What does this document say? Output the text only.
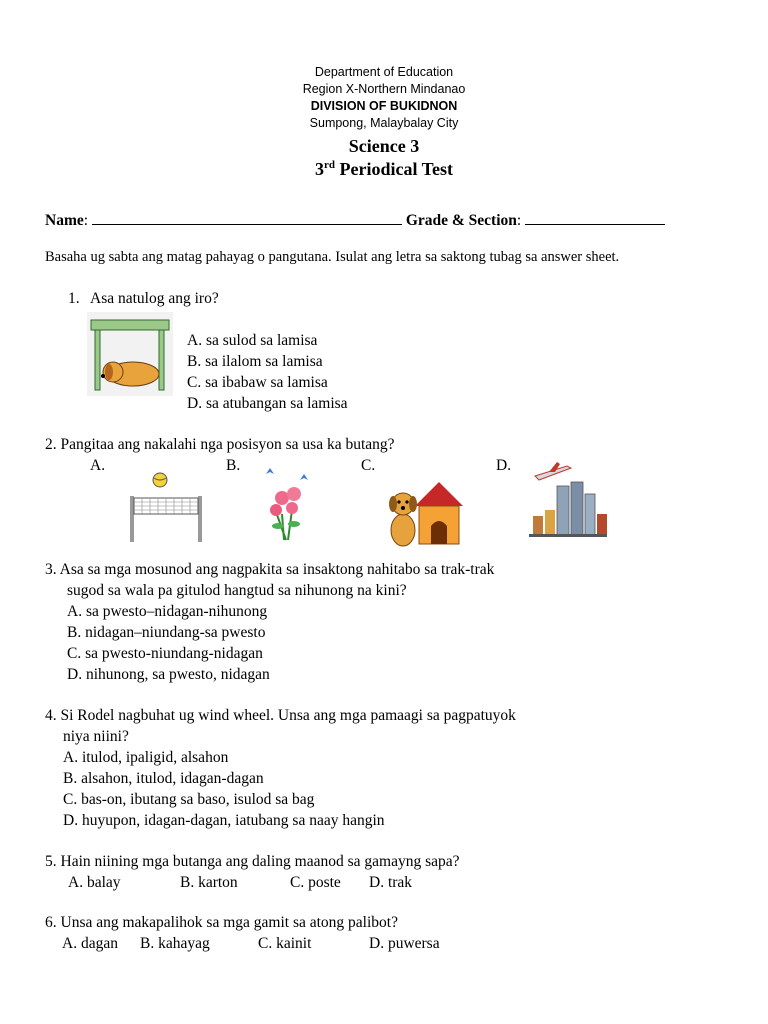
Department of Education
Region X-Northern Mindanao
DIVISION OF BUKIDNON
Sumpong, Malaybalay City
Science 3
3rd Periodical Test
Name:	Grade & Section:
Basaha ug sabta ang matag pahayag o pangutana. Isulat ang letra sa saktong tubag sa answer sheet.
1. Asa natulog ang iro?
A. sa sulod sa lamisa
B. sa ilalom sa lamisa
C. sa ibabaw sa lamisa
D. sa atubangan sa lamisa
2. Pangitaa ang nakalahi nga posisyon sa usa ka butang?
A.	B.	C.	D.
3. Asa sa mga mosunod ang nagpakita sa insaktong nahitabo sa trak-trak
sugod sa wala pa gitulod hangtud sa nihunong na kini?
A. sa pwesto–nidagan-nihunong
B. nidagan–niundang-sa pwesto
C. sa pwesto-niundang-nidagan
D. nihunong, sa pwesto, nidagan
4. Si Rodel nagbuhat ug wind wheel. Unsa ang mga pamaagi sa pagpatuyok
niya niini?
A. itulod, ipaligid, alsahon
B. alsahon, itulod, idagan-dagan
C. bas-on, ibutang sa baso, isulod sa bag
D. huyupon, idagan-dagan, iatubang sa naay hangin
5. Hain niining mga butanga ang daling maanod sa gamayng sapa?
A. balay	B. karton	C. poste D. trak
6. Unsa ang makapalihok sa mga gamit sa atong palibot?
A. dagan B. kahayag	C. kainit	D. puwersa
